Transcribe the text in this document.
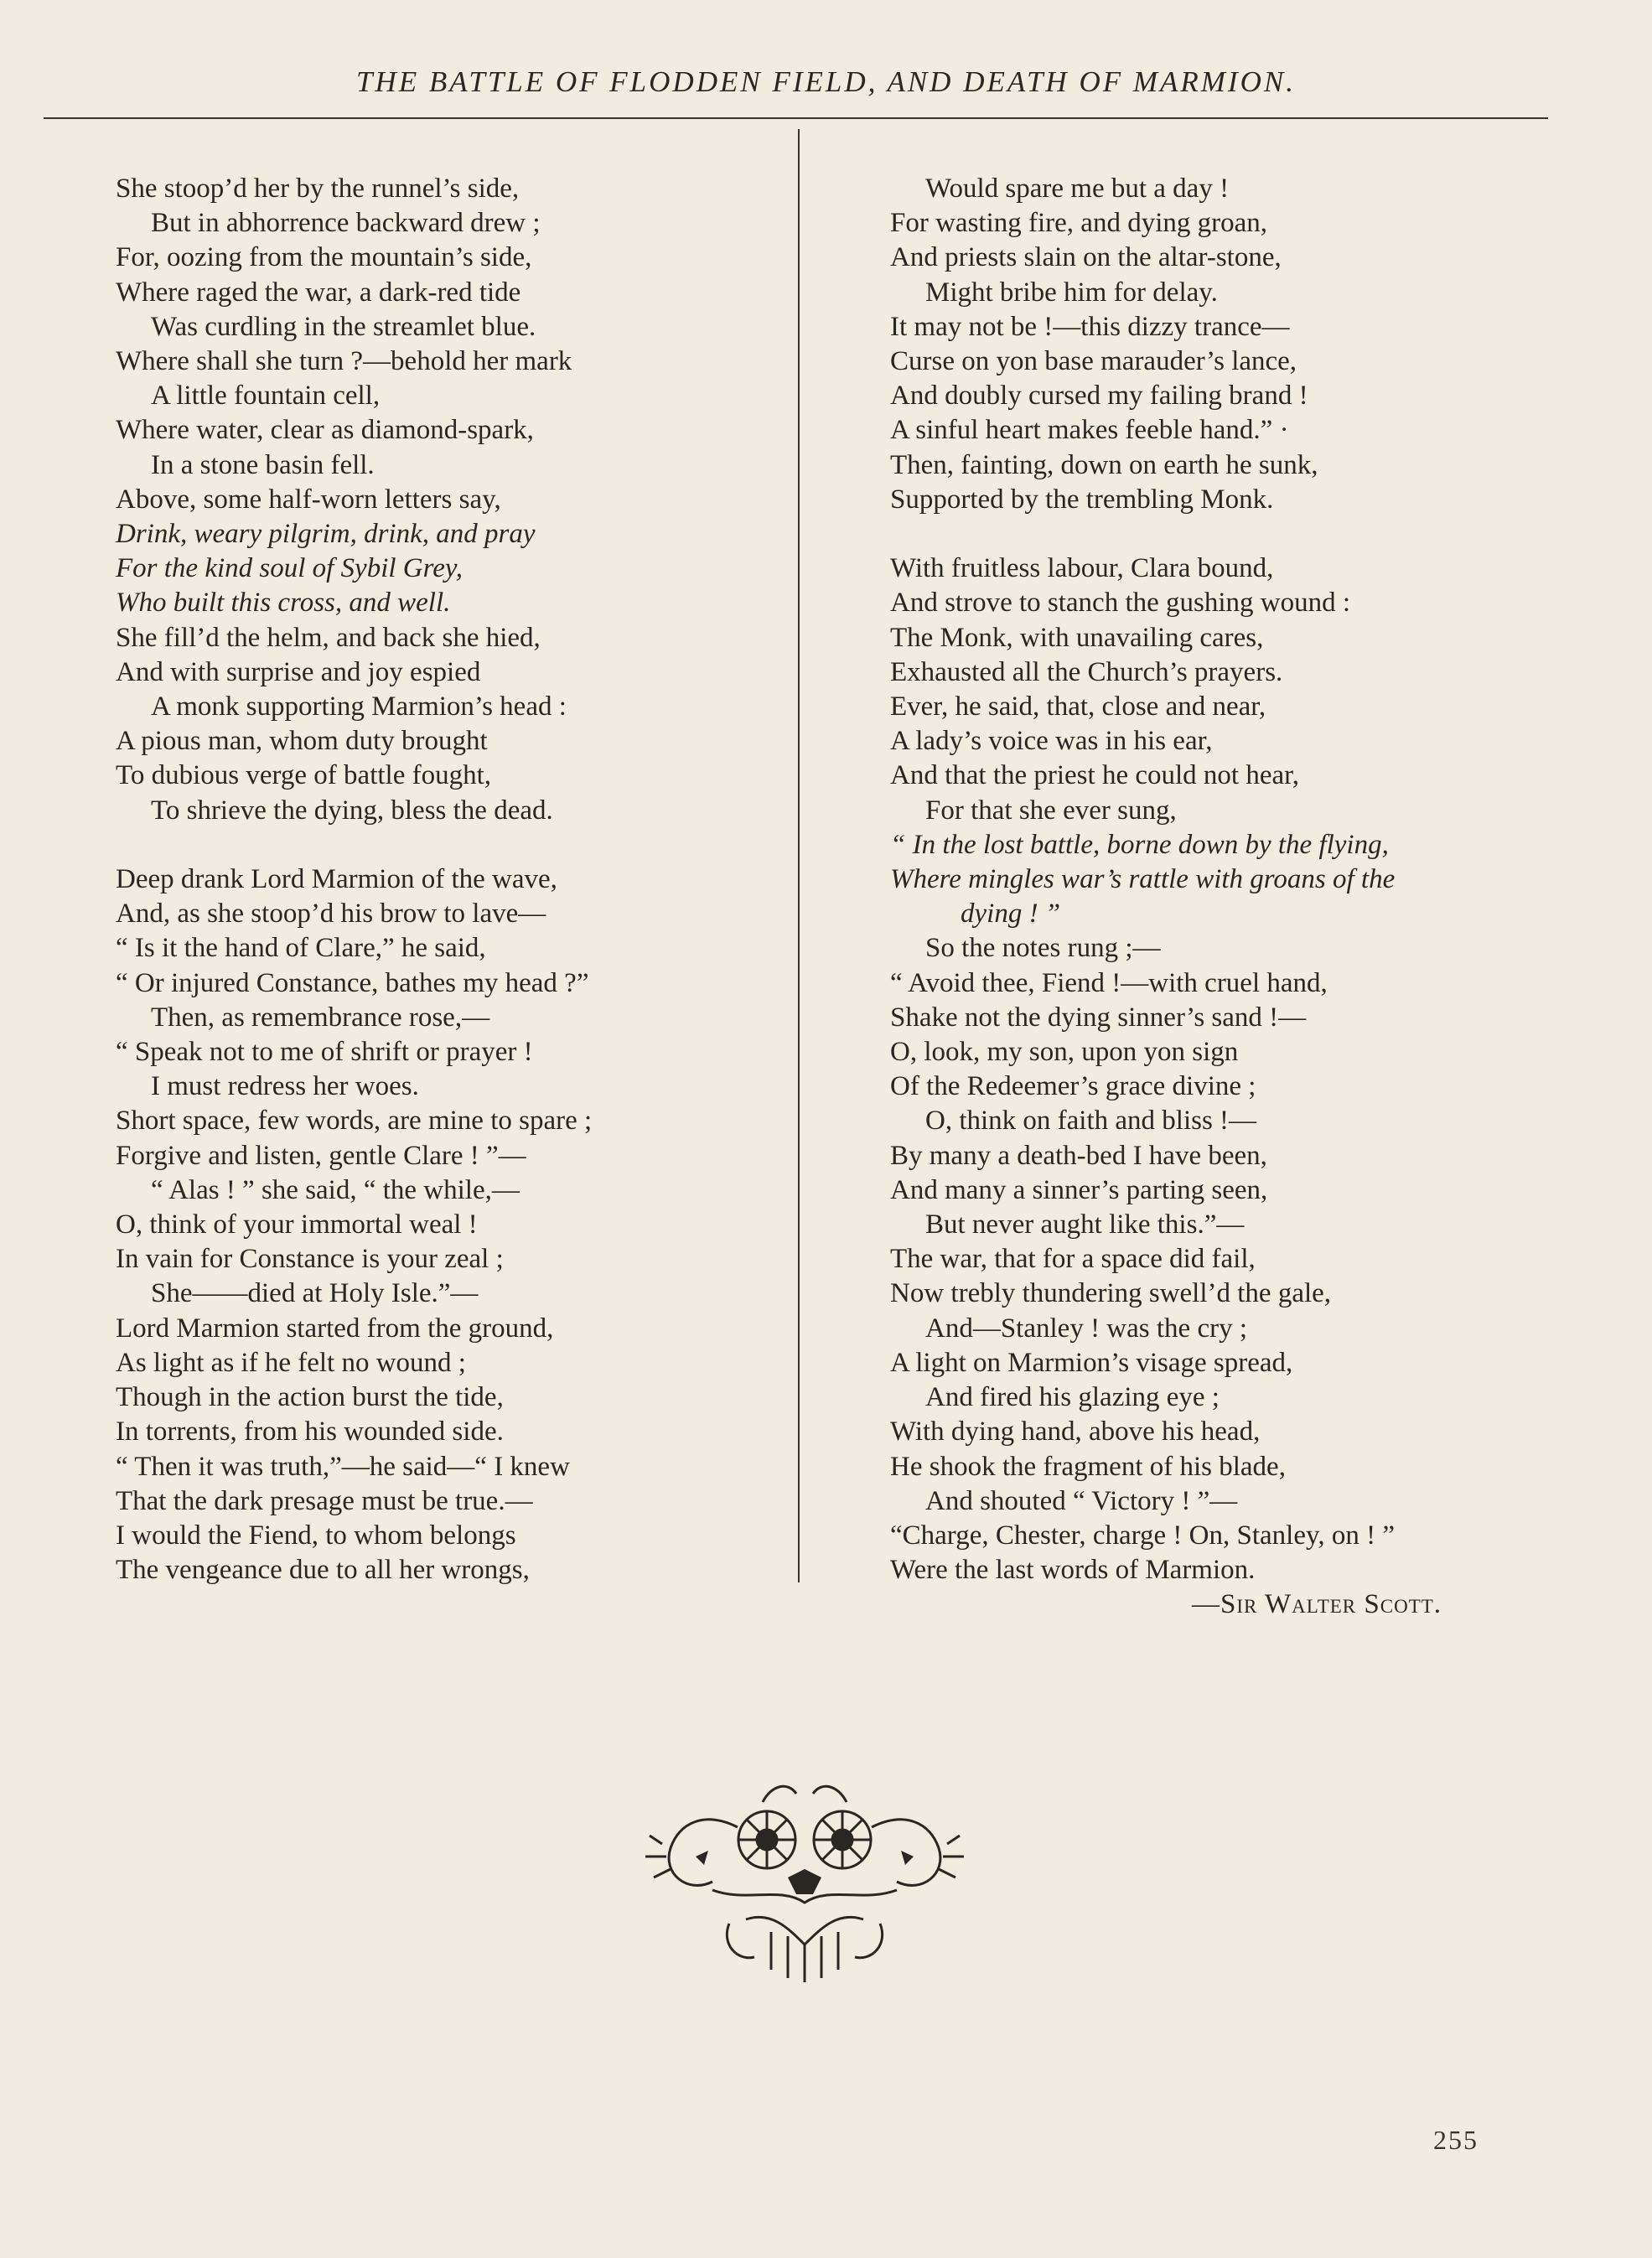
THE BATTLE OF FLODDEN FIELD, AND DEATH OF MARMION.
She stoop’d her by the runnel’s side,
But in abhorrence backward drew ;
For, oozing from the mountain’s side,
Where raged the war, a dark-red tide
Was curdling in the streamlet blue.
Where shall she turn ?—behold her mark
A little fountain cell,
Where water, clear as diamond-spark,
In a stone basin fell.
Above, some half-worn letters say,
Drink, weary pilgrim, drink, and pray
For the kind soul of Sybil Grey,
Who built this cross, and well.
She fill’d the helm, and back she hied,
And with surprise and joy espied
A monk supporting Marmion’s head :
A pious man, whom duty brought
To dubious verge of battle fought,
To shrieve the dying, bless the dead.
Deep drank Lord Marmion of the wave,
And, as she stoop’d his brow to lave—
“ Is it the hand of Clare,” he said,
“ Or injured Constance, bathes my head ?”
Then, as remembrance rose,—
“ Speak not to me of shrift or prayer !
I must redress her woes.
Short space, few words, are mine to spare ;
Forgive and listen, gentle Clare ! ”—
“ Alas ! ” she said, “ the while,—
O, think of your immortal weal !
In vain for Constance is your zeal ;
She——died at Holy Isle.”—
Lord Marmion started from the ground,
As light as if he felt no wound ;
Though in the action burst the tide,
In torrents, from his wounded side.
“ Then it was truth,”—he said—“ I knew
That the dark presage must be true.—
I would the Fiend, to whom belongs
The vengeance due to all her wrongs,
Would spare me but a day !
For wasting fire, and dying groan,
And priests slain on the altar-stone,
Might bribe him for delay.
It may not be !—this dizzy trance—
Curse on yon base marauder’s lance,
And doubly cursed my failing brand !
A sinful heart makes feeble hand.” ·
Then, fainting, down on earth he sunk,
Supported by the trembling Monk.
With fruitless labour, Clara bound,
And strove to stanch the gushing wound :
The Monk, with unavailing cares,
Exhausted all the Church’s prayers.
Ever, he said, that, close and near,
A lady’s voice was in his ear,
And that the priest he could not hear,
For that she ever sung,
“ In the lost battle, borne down by the flying,
Where mingles war’s rattle with groans of the
dying ! ”
So the notes rung ;—
“ Avoid thee, Fiend !—with cruel hand,
Shake not the dying sinner’s sand !—
O, look, my son, upon yon sign
Of the Redeemer’s grace divine ;
O, think on faith and bliss !—
By many a death-bed I have been,
And many a sinner’s parting seen,
But never aught like this.”—
The war, that for a space did fail,
Now trebly thundering swell’d the gale,
And—Stanley ! was the cry ;
A light on Marmion’s visage spread,
And fired his glazing eye ;
With dying hand, above his head,
He shook the fragment of his blade,
And shouted “ Victory ! ”—
“Charge, Chester, charge ! On, Stanley, on ! ”
Were the last words of Marmion.
—Sir Walter Scott.
255
